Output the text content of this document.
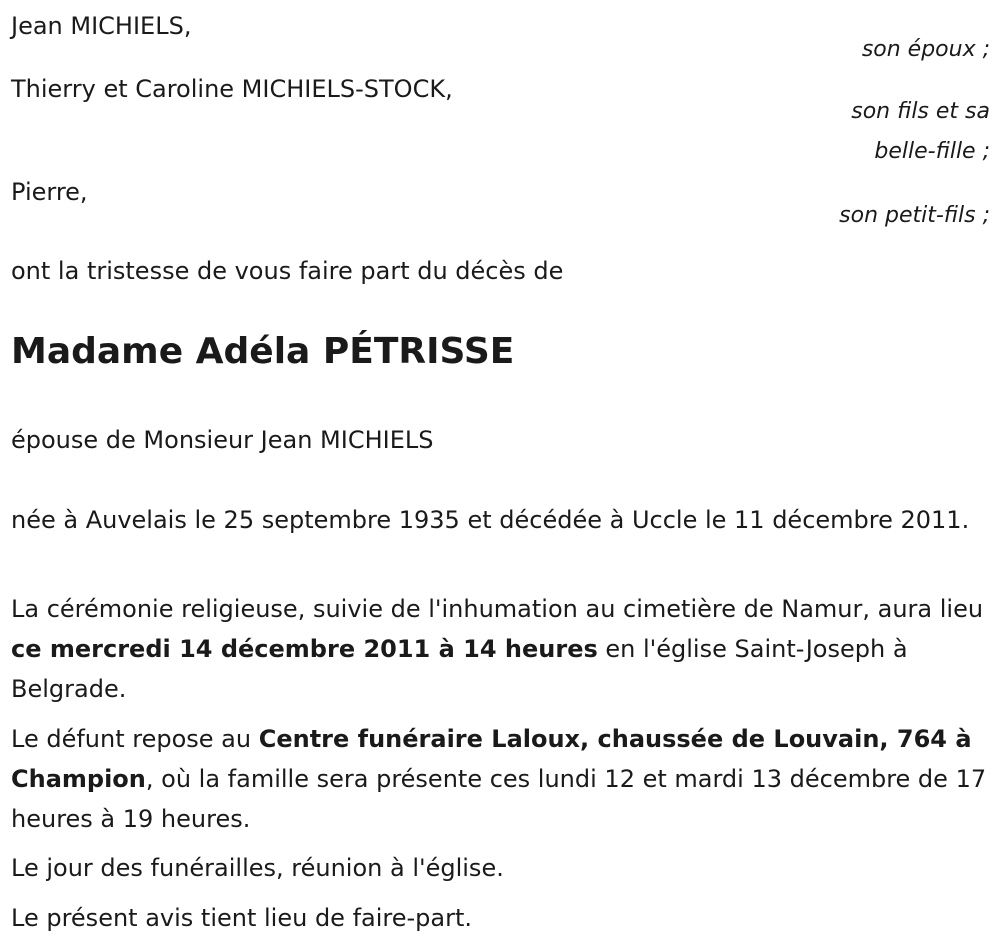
Jean MICHIELS,

son époux ;

Thierry et Caroline MICHIELS-STOCK,

son fils et sa
belle-fille ;

Pierre,

son petit-fils ;

ont la tristesse de vous faire part du décès de

Madame Adéla PÉTRISSE

épouse de Monsieur Jean MICHIELS

née à Auvelais le 25 septembre 1935 et décédée à Uccle le 11 décembre 2011.

La cérémonie religieuse, suivie de l'inhumation au cimetière de Namur, aura lieu ce mercredi 14 décembre 2011 à 14 heures en l'église Saint-Joseph à Belgrade.

Le défunt repose au Centre funéraire Laloux, chaussée de Louvain, 764 à Champion, où la famille sera présente ces lundi 12 et mardi 13 décembre de 17 heures à 19 heures.

Le jour des funérailles, réunion à l'église.

Le présent avis tient lieu de faire-part.
